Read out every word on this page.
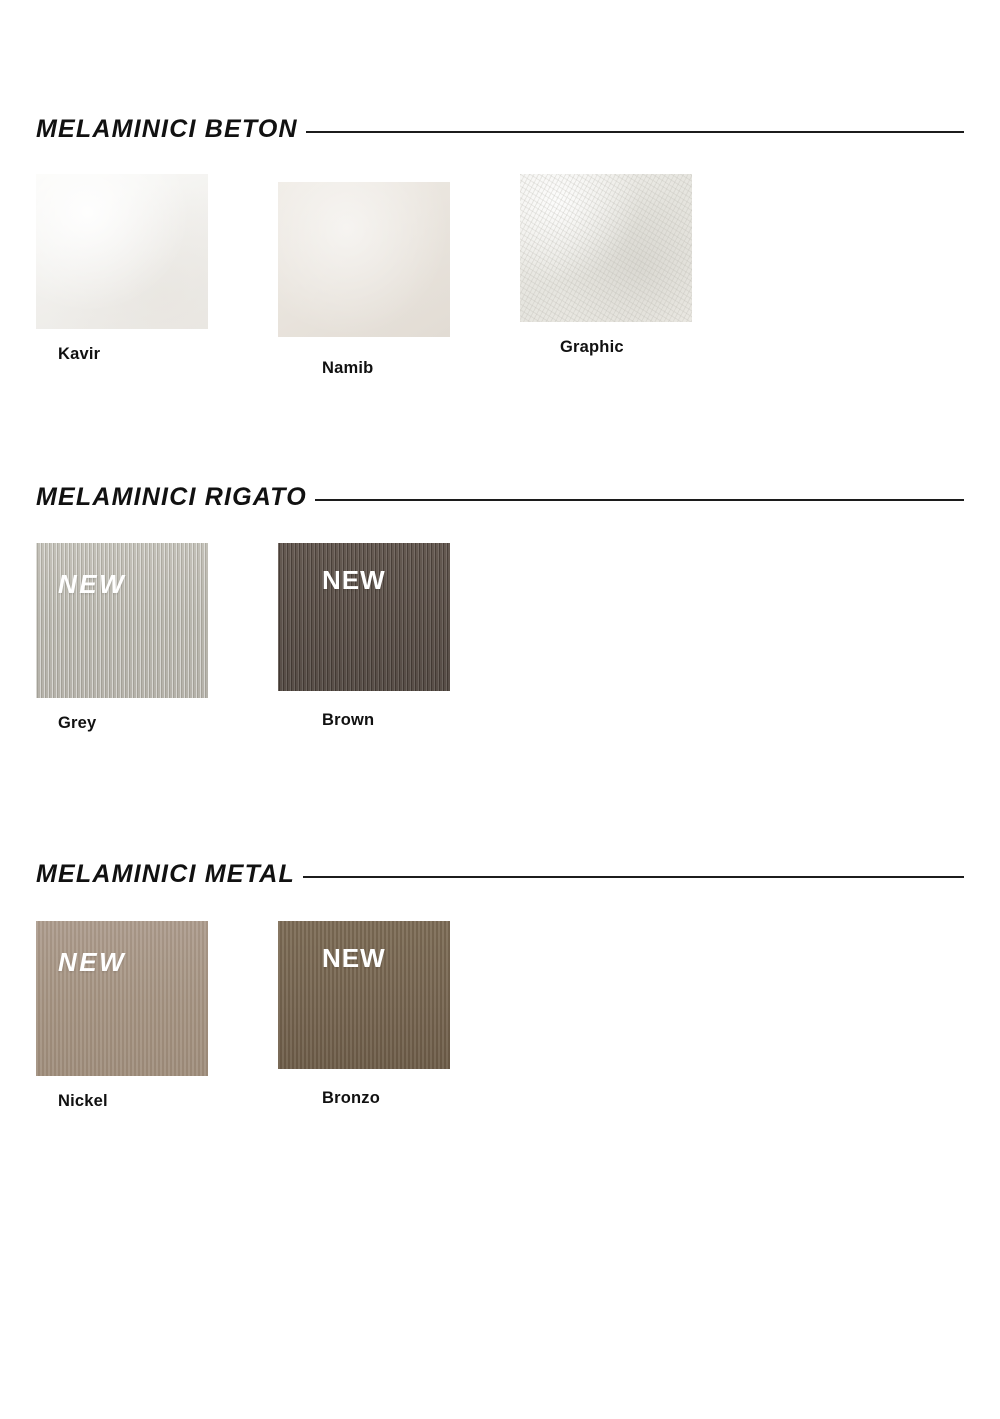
MELAMINICI BETON
Kavir
Namib
Graphic
MELAMINICI RIGATO
NEW
Grey
NEW
Brown
MELAMINICI METAL
NEW
Nickel
NEW
Bronzo
